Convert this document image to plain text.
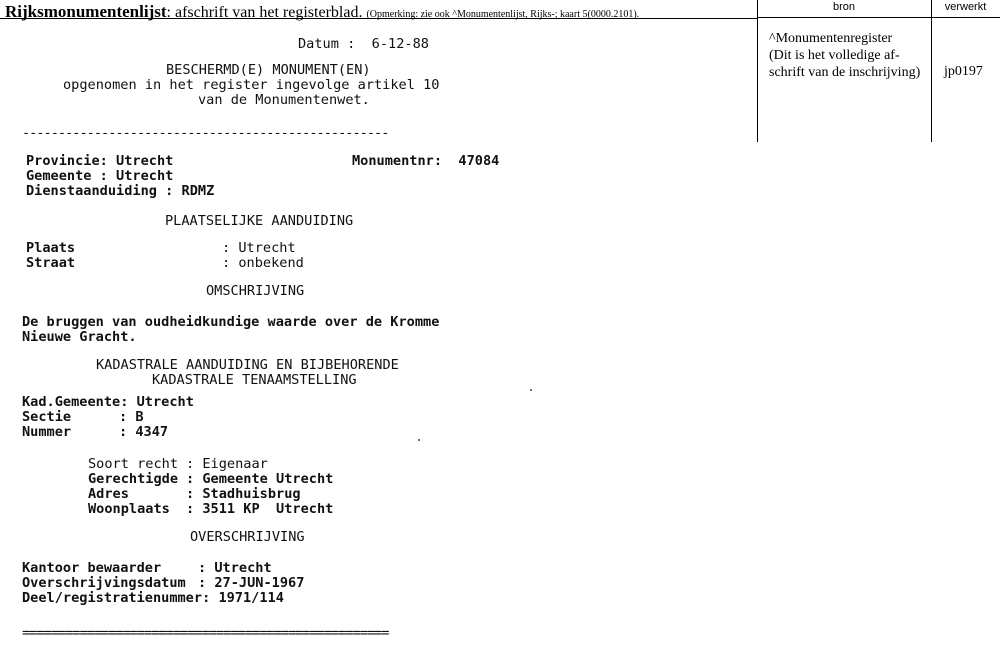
Rijksmonumentenlijst: afschrift van het registerblad. (Opmerking: zie ook ^Monumentenlijst, Rijks-; kaart 5(0000.2101).
bron	verwerkt
^Monumentenregister
(Dit is het volledige af-
schrift van de inschrijving)	jp0197
Datum :  6-12-88
BESCHERMD(E) MONUMENT(EN)
opgenomen in het register ingevolge artikel 10
van de Monumentenwet.
---------------------------------------------------
Provincie: Utrecht	Monumentnr:  47084
Gemeente : Utrecht
Dienstaanduiding : RDMZ
PLAATSELIJKE AANDUIDING
Plaats	: Utrecht
Straat	: onbekend
OMSCHRIJVING
De bruggen van oudheidkundige waarde over de Kromme
Nieuwe Gracht.
KADASTRALE AANDUIDING EN BIJBEHORENDE
KADASTRALE TENAAMSTELLING
Kad.Gemeente: Utrecht
Sectie	: B
Nummer	: 4347
Soort recht : Eigenaar
Gerechtigde : Gemeente Utrecht
Adres	: Stadhuisbrug
Woonplaats : 3511 KP  Utrecht
OVERSCHRIJVING
Kantoor bewaarder	: Utrecht
Overschrijvingsdatum : 27-JUN-1967
Deel/registratienummer: 1971/114
===================================================
